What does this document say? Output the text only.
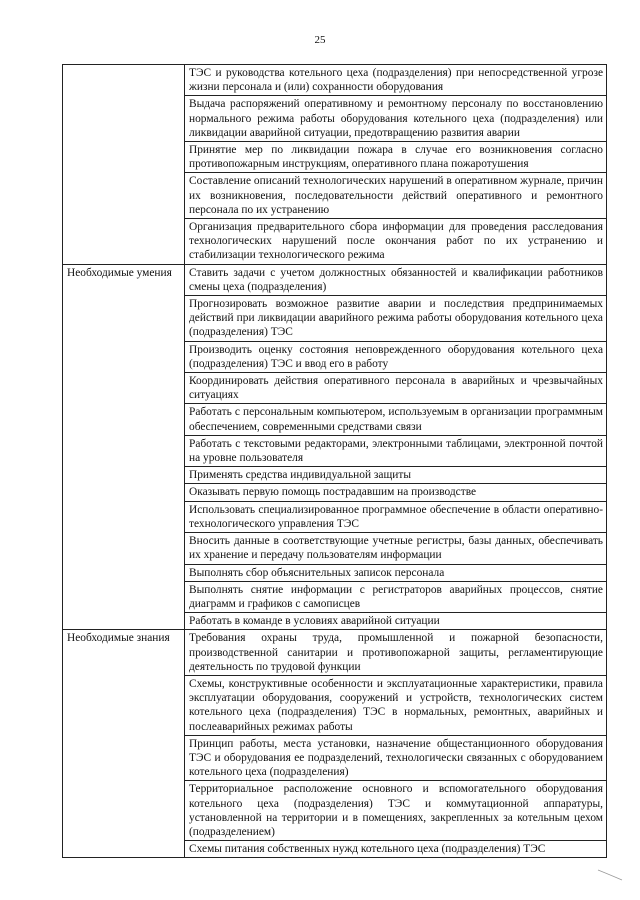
25
	ТЭС и руководства котельного цеха (подразделения) при непосредственной угрозе жизни персонала и (или) сохранности оборудования
	Выдача распоряжений оперативному и ремонтному персоналу по восстановлению нормального режима работы оборудования котельного цеха (подразделения) или ликвидации аварийной ситуации, предотвращению развития аварии
	Принятие мер по ликвидации пожара в случае его возникновения согласно противопожарным инструкциям, оперативного плана пожаротушения
	Составление описаний технологических нарушений в оперативном журнале, причин их возникновения, последовательности действий оперативного и ремонтного персонала по их устранению
	Организация предварительного сбора информации для проведения расследования технологических нарушений после окончания работ по их устранению и стабилизации технологического режима
Необходимые умения	Ставить задачи с учетом должностных обязанностей и квалификации работников смены цеха (подразделения)
	Прогнозировать возможное развитие аварии и последствия предпринимаемых действий при ликвидации аварийного режима работы оборудования котельного цеха (подразделения) ТЭС
	Производить оценку состояния неповрежденного оборудования котельного цеха (подразделения) ТЭС и ввод его в работу
	Координировать действия оперативного персонала в аварийных и чрезвычайных ситуациях
	Работать с персональным компьютером, используемым в организации программным обеспечением, современными средствами связи
	Работать с текстовыми редакторами, электронными таблицами, электронной почтой на уровне пользователя
	Применять средства индивидуальной защиты
	Оказывать первую помощь пострадавшим на производстве
	Использовать специализированное программное обеспечение в области оперативно-технологического управления ТЭС
	Вносить данные в соответствующие учетные регистры, базы данных, обеспечивать их хранение и передачу пользователям информации
	Выполнять сбор объяснительных записок персонала
	Выполнять снятие информации с регистраторов аварийных процессов, снятие диаграмм и графиков с самописцев
	Работать в команде в условиях аварийной ситуации
Необходимые знания	Требования охраны труда, промышленной и пожарной безопасности, производственной санитарии и противопожарной защиты, регламентирующие деятельность по трудовой функции
	Схемы, конструктивные особенности и эксплуатационные характеристики, правила эксплуатации оборудования, сооружений и устройств, технологических систем котельного цеха (подразделения) ТЭС в нормальных, ремонтных, аварийных и послеаварийных режимах работы
	Принцип работы, места установки, назначение общестанционного оборудования ТЭС и оборудования ее подразделений, технологически связанных с оборудованием котельного цеха (подразделения)
	Территориальное расположение основного и вспомогательного оборудования котельного цеха (подразделения) ТЭС и коммутационной аппаратуры, установленной на территории и в помещениях, закрепленных за котельным цехом (подразделением)
	Схемы питания собственных нужд котельного цеха (подразделения) ТЭС
